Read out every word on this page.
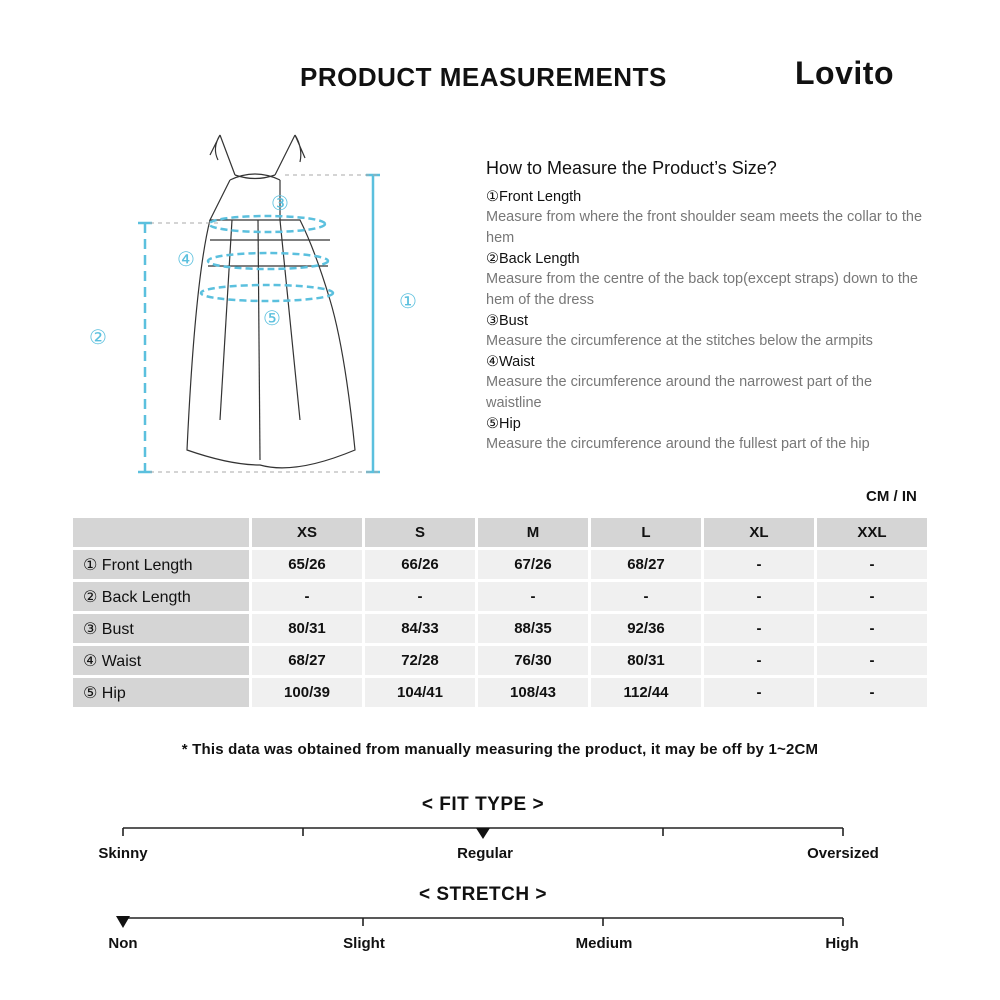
PRODUCT MEASUREMENTS	Lovito
①
②
③
④
⑤
How to Measure the Product’s Size?
①Front Length
Measure from where the front shoulder seam meets the collar to the hem
②Back Length
Measure from the centre of the back top(except straps) down to the hem of the dress
③Bust
Measure the circumference at the stitches below the armpits
④Waist
Measure the circumference around the narrowest part of the waistline
⑤Hip
Measure the circumference around the fullest part of the hip
CM / IN
	XS	S	M	L	XL	XXL
① Front Length	65/26	66/26	67/26	68/27	-	-
② Back Length	-	-	-	-	-	-
③ Bust	80/31	84/33	88/35	92/36	-	-
④ Waist	68/27	72/28	76/30	80/31	-	-
⑤ Hip	100/39	104/41	108/43	112/44	-	-
* This data was obtained from manually measuring the product, it may be off by 1~2CM
< FIT TYPE >
Skinny	Regular	Oversized
< STRETCH >
Non	Slight	Medium	High
